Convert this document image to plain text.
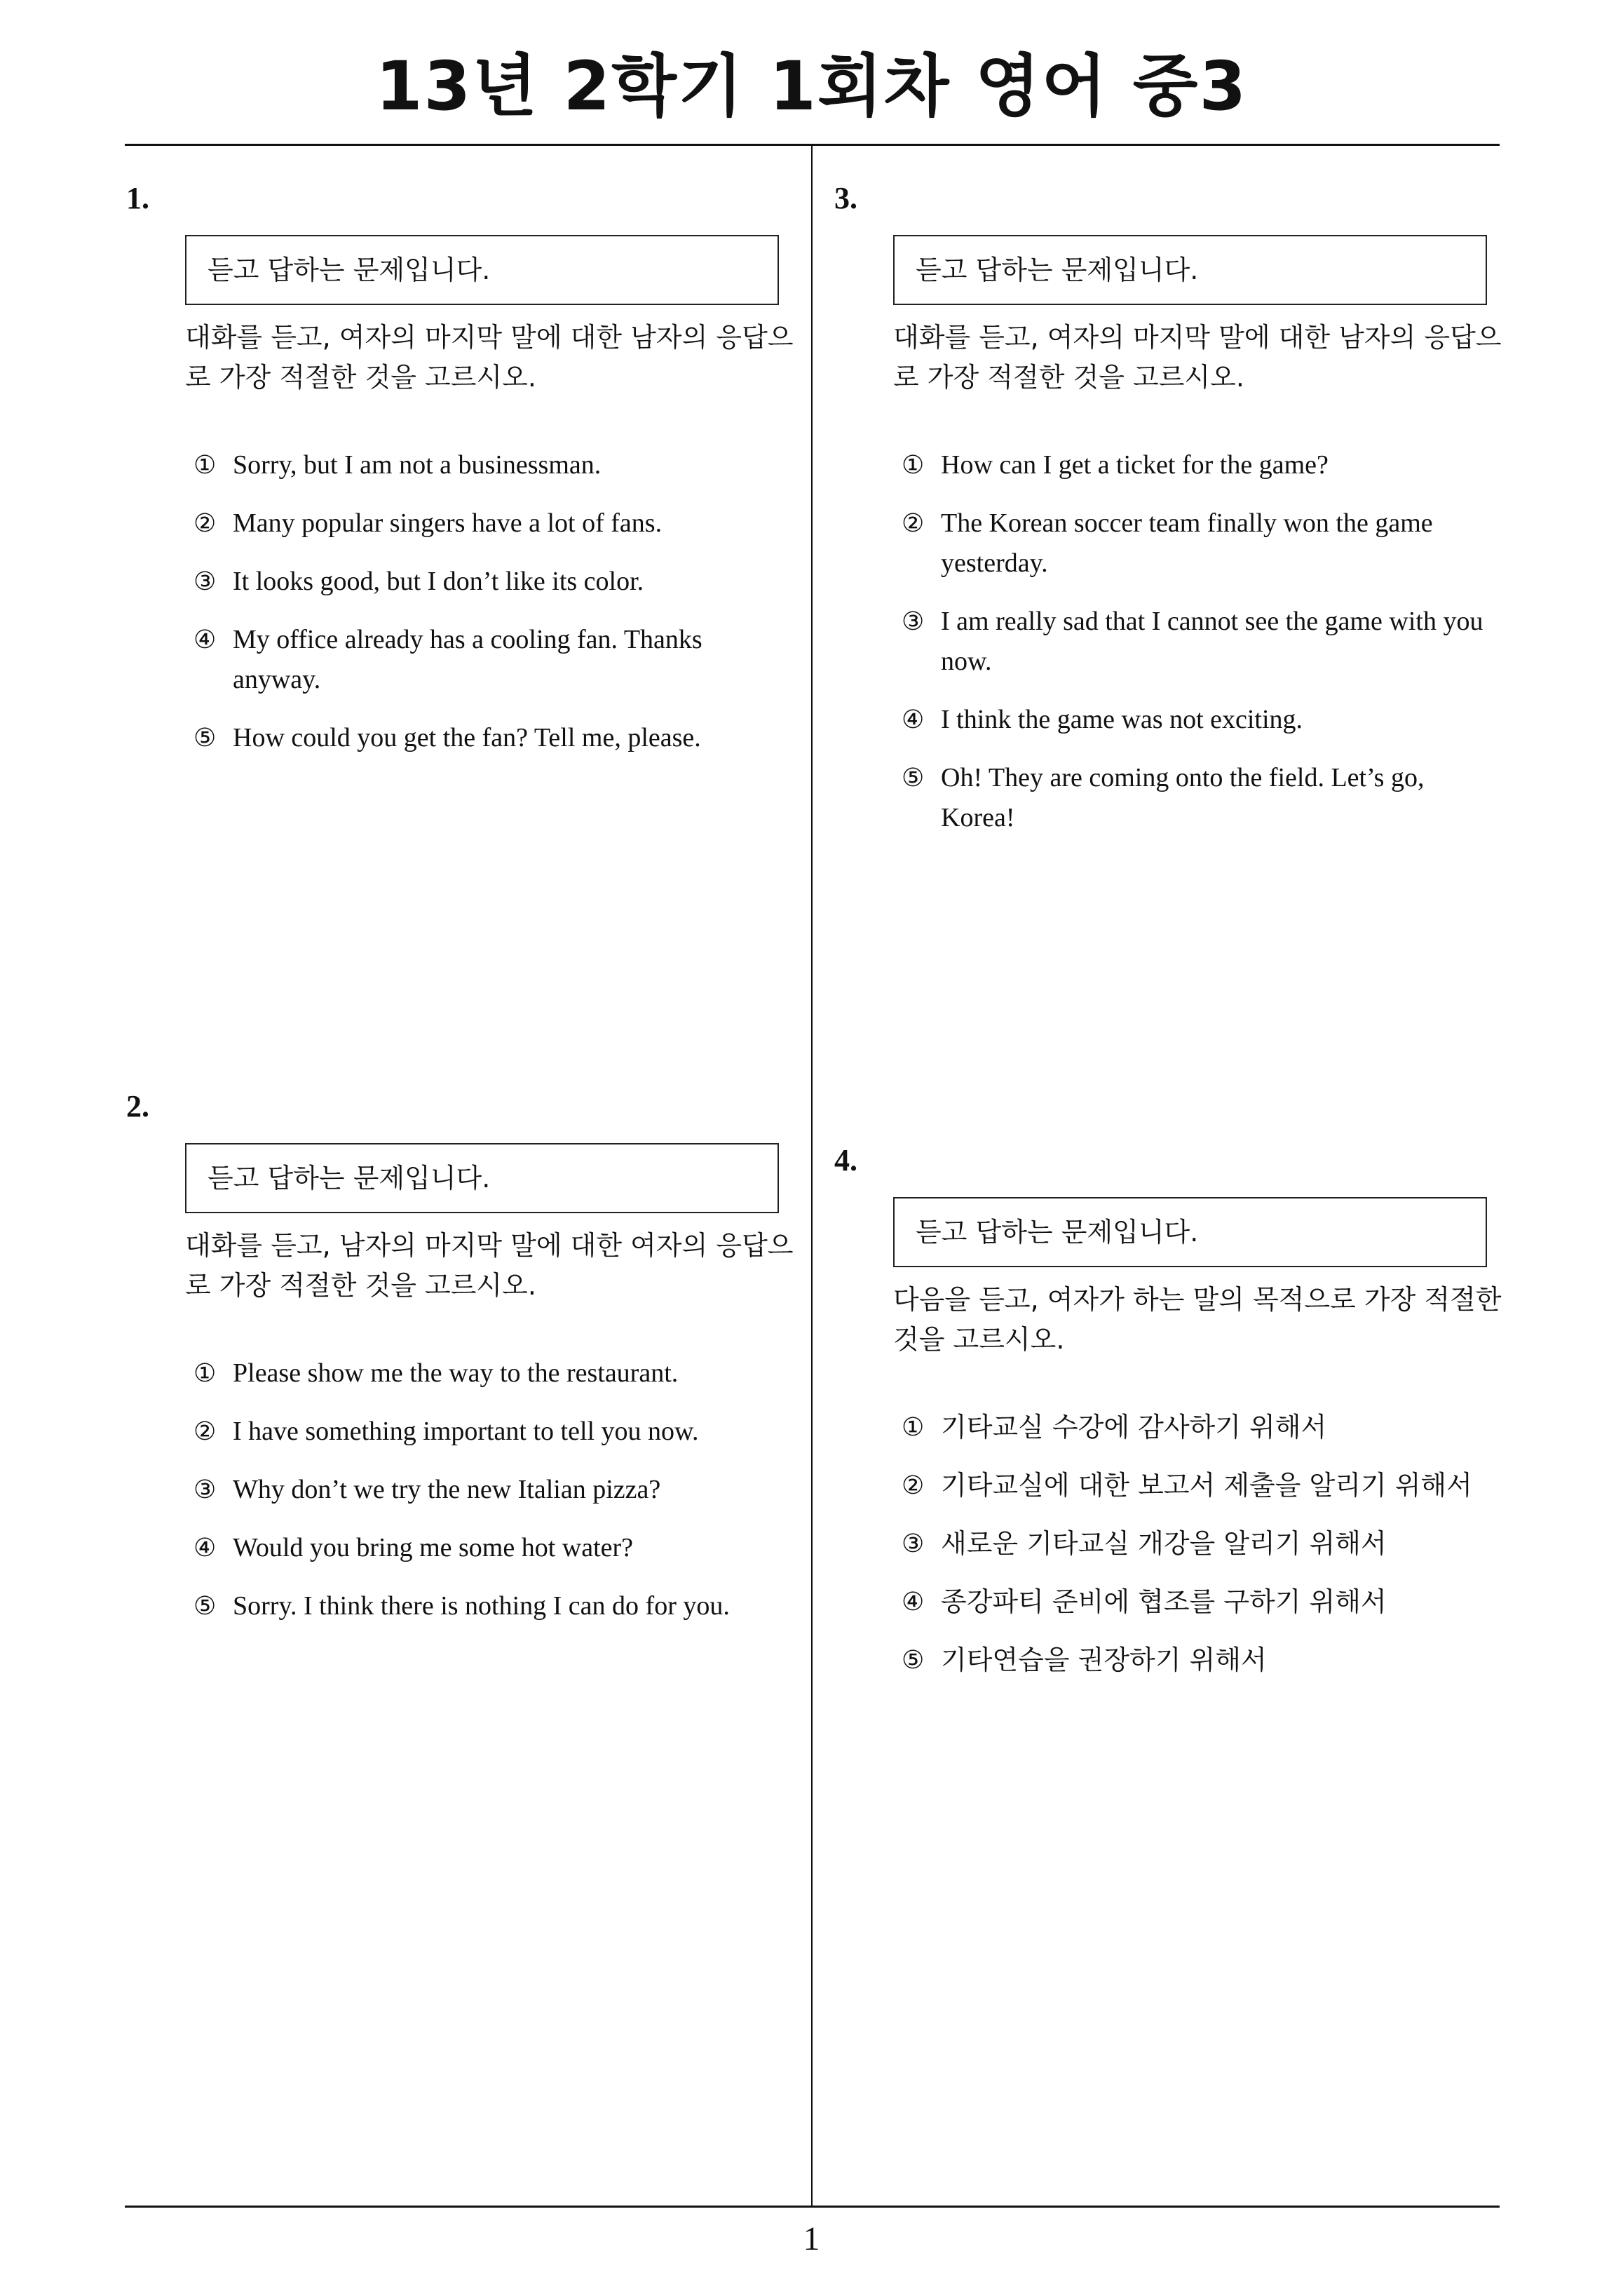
13년 2학기 1회차 영어 중3
1.
듣고 답하는 문제입니다.
대화를 듣고, 여자의 마지막 말에 대한 남자의 응답으
로 가장 적절한 것을 고르시오.
① Sorry, but I am not a businessman.
② Many popular singers have a lot of fans.
③ It looks good, but I don’t like its color.
④ My office already has a cooling fan. Thanks anyway.
⑤ How could you get the fan? Tell me, please.
2.
듣고 답하는 문제입니다.
대화를 듣고, 남자의 마지막 말에 대한 여자의 응답으
로 가장 적절한 것을 고르시오.
① Please show me the way to the restaurant.
② I have something important to tell you now.
③ Why don’t we try the new Italian pizza?
④ Would you bring me some hot water?
⑤ Sorry. I think there is nothing I can do for you.
3.
듣고 답하는 문제입니다.
대화를 듣고, 여자의 마지막 말에 대한 남자의 응답으
로 가장 적절한 것을 고르시오.
① How can I get a ticket for the game?
② The Korean soccer team finally won the game yesterday.
③ I am really sad that I cannot see the game with you now.
④ I think the game was not exciting.
⑤ Oh! They are coming onto the field. Let’s go, Korea!
4.
듣고 답하는 문제입니다.
다음을 듣고, 여자가 하는 말의 목적으로 가장 적절한
것을 고르시오.
① 기타교실 수강에 감사하기 위해서
② 기타교실에 대한 보고서 제출을 알리기 위해서
③ 새로운 기타교실 개강을 알리기 위해서
④ 종강파티 준비에 협조를 구하기 위해서
⑤ 기타연습을 권장하기 위해서
1
